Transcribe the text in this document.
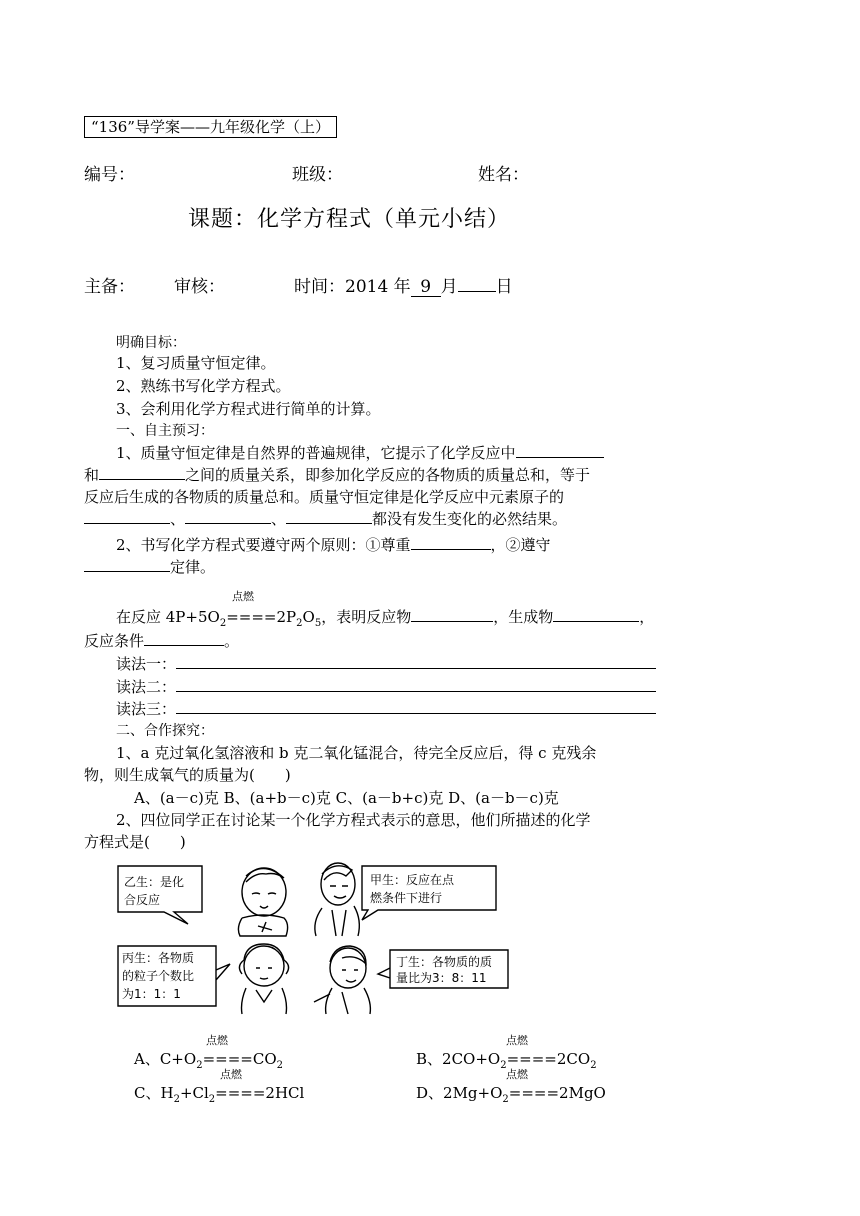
“136”导学案——九年级化学（上）
编号：	班级：	姓名：
课题：化学方程式（单元小结）
主备： 审核：	时间：2014 年 9 月 日
明确目标：
1、复习质量守恒定律。
2、熟练书写化学方程式。
3、会利用化学方程式进行简单的计算。
一、自主预习：
1、质量守恒定律是自然界的普遍规律，它提示了化学反应中
和	之间的质量关系，即参加化学反应的各物质的质量总和，等于
反应后生成的各物质的质量总和。质量守恒定律是化学反应中元素原子的
、	、	都没有发生变化的必然结果。
2、书写化学方程式要遵守两个原则：①尊重	，②遵守
定律。
点燃
在反应 $4P+5O_2====2P_2O_5$，表明反应物	，生成物	，
反应条件	。
读法一：
读法二：
读法三：
二、合作探究：
1、a 克过氧化氢溶液和 b 克二氧化锰混合，待完全反应后，得 c 克残余
物，则生成氧气的质量为(　　)
A、(a－c)克 B、(a+b－c)克 C、(a－b+c)克 D、(a－b－c)克
2、四位同学正在讨论某一个化学方程式表示的意思，他们所描述的化学
方程式是(　　)
乙生：是化
合反应
甲生：反应在点
燃条件下进行
丙生：各物质
的粒子个数比
为1：1：1
丁生：各物质的质
量比为3：8：11
点燃
A、$C+O_2====CO_2$
点燃
B、$2CO+O_2====2CO_2$
点燃
C、$H_2+Cl_2====2HCl$
点燃
D、$2Mg+O_2====2MgO$
